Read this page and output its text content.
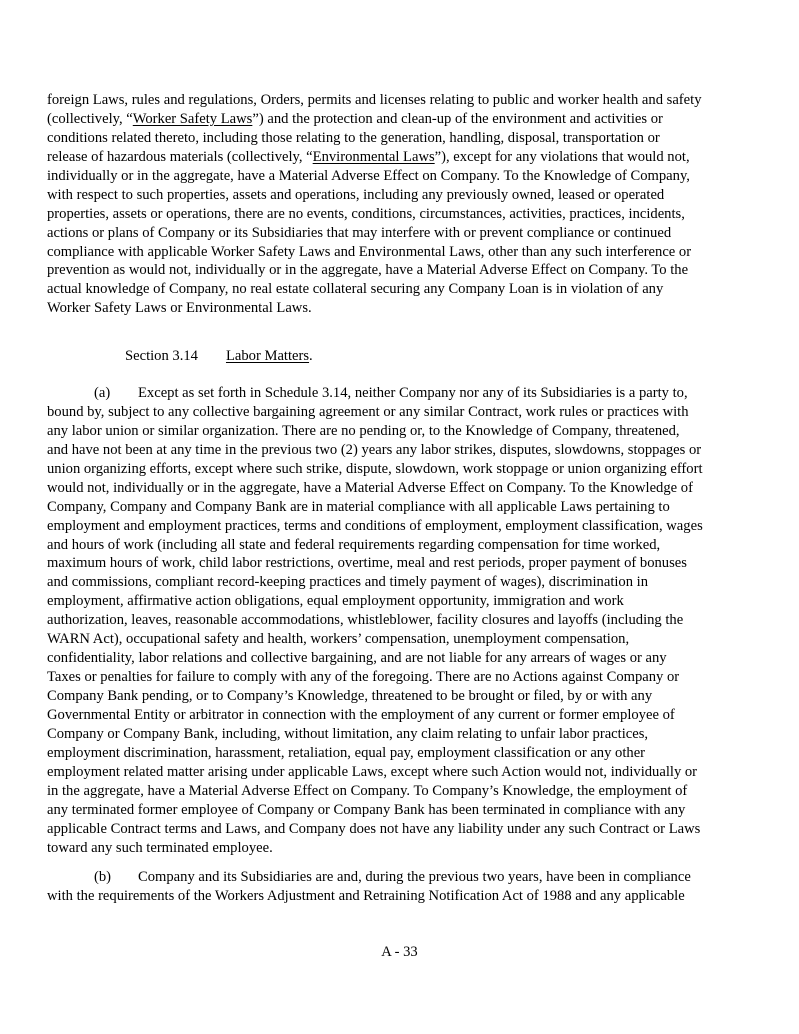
foreign Laws, rules and regulations, Orders, permits and licenses relating to public and worker health and safety
(collectively, “Worker Safety Laws”) and the protection and clean-up of the environment and activities or
conditions related thereto, including those relating to the generation, handling, disposal, transportation or
release of hazardous materials (collectively, “Environmental Laws”), except for any violations that would not,
individually or in the aggregate, have a Material Adverse Effect on Company. To the Knowledge of Company,
with respect to such properties, assets and operations, including any previously owned, leased or operated
properties, assets or operations, there are no events, conditions, circumstances, activities, practices, incidents,
actions or plans of Company or its Subsidiaries that may interfere with or prevent compliance or continued
compliance with applicable Worker Safety Laws and Environmental Laws, other than any such interference or
prevention as would not, individually or in the aggregate, have a Material Adverse Effect on Company. To the
actual knowledge of Company, no real estate collateral securing any Company Loan is in violation of any
Worker Safety Laws or Environmental Laws.
Section 3.14 Labor Matters.
(a) Except as set forth in Schedule 3.14, neither Company nor any of its Subsidiaries is a party to,
bound by, subject to any collective bargaining agreement or any similar Contract, work rules or practices with
any labor union or similar organization. There are no pending or, to the Knowledge of Company, threatened,
and have not been at any time in the previous two (2) years any labor strikes, disputes, slowdowns, stoppages or
union organizing efforts, except where such strike, dispute, slowdown, work stoppage or union organizing effort
would not, individually or in the aggregate, have a Material Adverse Effect on Company. To the Knowledge of
Company, Company and Company Bank are in material compliance with all applicable Laws pertaining to
employment and employment practices, terms and conditions of employment, employment classification, wages
and hours of work (including all state and federal requirements regarding compensation for time worked,
maximum hours of work, child labor restrictions, overtime, meal and rest periods, proper payment of bonuses
and commissions, compliant record-keeping practices and timely payment of wages), discrimination in
employment, affirmative action obligations, equal employment opportunity, immigration and work
authorization, leaves, reasonable accommodations, whistleblower, facility closures and layoffs (including the
WARN Act), occupational safety and health, workers’ compensation, unemployment compensation,
confidentiality, labor relations and collective bargaining, and are not liable for any arrears of wages or any
Taxes or penalties for failure to comply with any of the foregoing. There are no Actions against Company or
Company Bank pending, or to Company’s Knowledge, threatened to be brought or filed, by or with any
Governmental Entity or arbitrator in connection with the employment of any current or former employee of
Company or Company Bank, including, without limitation, any claim relating to unfair labor practices,
employment discrimination, harassment, retaliation, equal pay, employment classification or any other
employment related matter arising under applicable Laws, except where such Action would not, individually or
in the aggregate, have a Material Adverse Effect on Company. To Company’s Knowledge, the employment of
any terminated former employee of Company or Company Bank has been terminated in compliance with any
applicable Contract terms and Laws, and Company does not have any liability under any such Contract or Laws
toward any such terminated employee.
(b) Company and its Subsidiaries are and, during the previous two years, have been in compliance
with the requirements of the Workers Adjustment and Retraining Notification Act of 1988 and any applicable
A - 33
